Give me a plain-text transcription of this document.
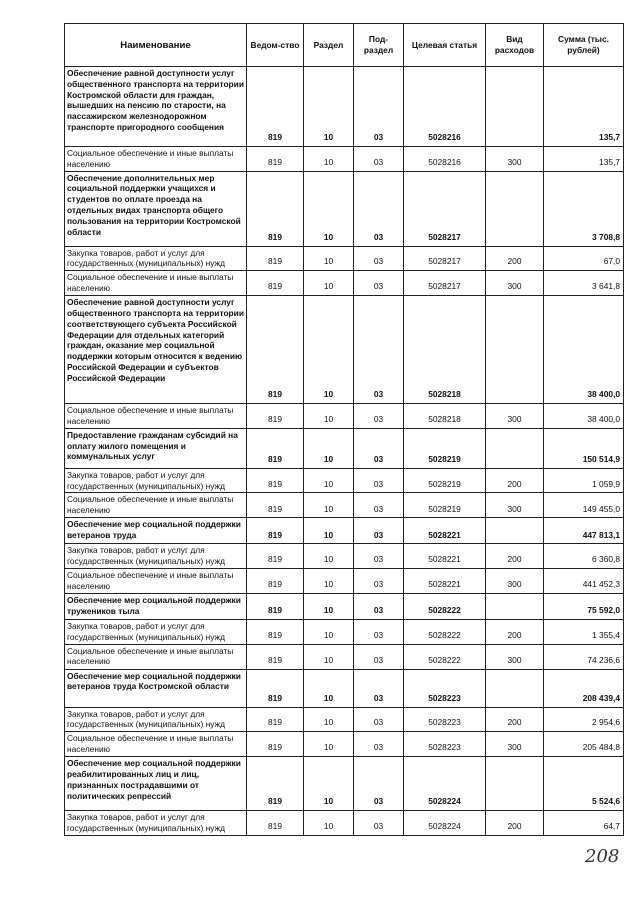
Наименование	Ведом-ство	Раздел	Под-раздел	Целевая статья	Вид расходов	Сумма (тыс. рублей)
Обеспечение равной доступности услуг общественного транспорта на территории Костромской области для граждан, вышедших на пенсию по старости, на пассажирском железнодорожном транспорте пригородного сообщения	819	10	03	5028216		135,7
Социальное обеспечение и иные выплаты населению	819	10	03	5028216	300	135,7
Обеспечение дополнительных мер социальной поддержки учащихся и студентов по оплате проезда на отдельных видах транспорта общего пользования на территории Костромской области	819	10	03	5028217		3 708,8
Закупка товаров, работ и услуг для государственных (муниципальных) нужд	819	10	03	5028217	200	67,0
Социальное обеспечение и иные выплаты населению	819	10	03	5028217	300	3 641,8
Обеспечение равной доступности услуг общественного транспорта на территории соответствующего субъекта Российской Федерации для отдельных категорий граждан, оказание мер социальной поддержки которым относится к ведению Российской Федерации и субъектов Российской Федерации	819	10	03	5028218		38 400,0
Социальное обеспечение и иные выплаты населению	819	10	03	5028218	300	38 400,0
Предоставление гражданам субсидий на оплату жилого помещения и коммунальных услуг	819	10	03	5028219		150 514,9
Закупка товаров, работ и услуг для государственных (муниципальных) нужд	819	10	03	5028219	200	1 059,9
Социальное обеспечение и иные выплаты населению	819	10	03	5028219	300	149 455,0
Обеспечение мер социальной поддержки ветеранов труда	819	10	03	5028221		447 813,1
Закупка товаров, работ и услуг для государственных (муниципальных) нужд	819	10	03	5028221	200	6 360,8
Социальное обеспечение и иные выплаты населению	819	10	03	5028221	300	441 452,3
Обеспечение мер социальной поддержки тружеников тыла	819	10	03	5028222		75 592,0
Закупка товаров, работ и услуг для государственных (муниципальных) нужд	819	10	03	5028222	200	1 355,4
Социальное обеспечение и иные выплаты населению	819	10	03	5028222	300	74 236,6
Обеспечение мер социальной поддержки ветеранов труда Костромской области	819	10	03	5028223		208 439,4
Закупка товаров, работ и услуг для государственных (муниципальных) нужд	819	10	03	5028223	200	2 954,6
Социальное обеспечение и иные выплаты населению	819	10	03	5028223	300	205 484,8
Обеспечение мер социальной поддержки реабилитированных лиц и лиц, признанных пострадавшими от политических репрессий	819	10	03	5028224		5 524,6
Закупка товаров, работ и услуг для государственных (муниципальных) нужд	819	10	03	5028224	200	64,7
208
